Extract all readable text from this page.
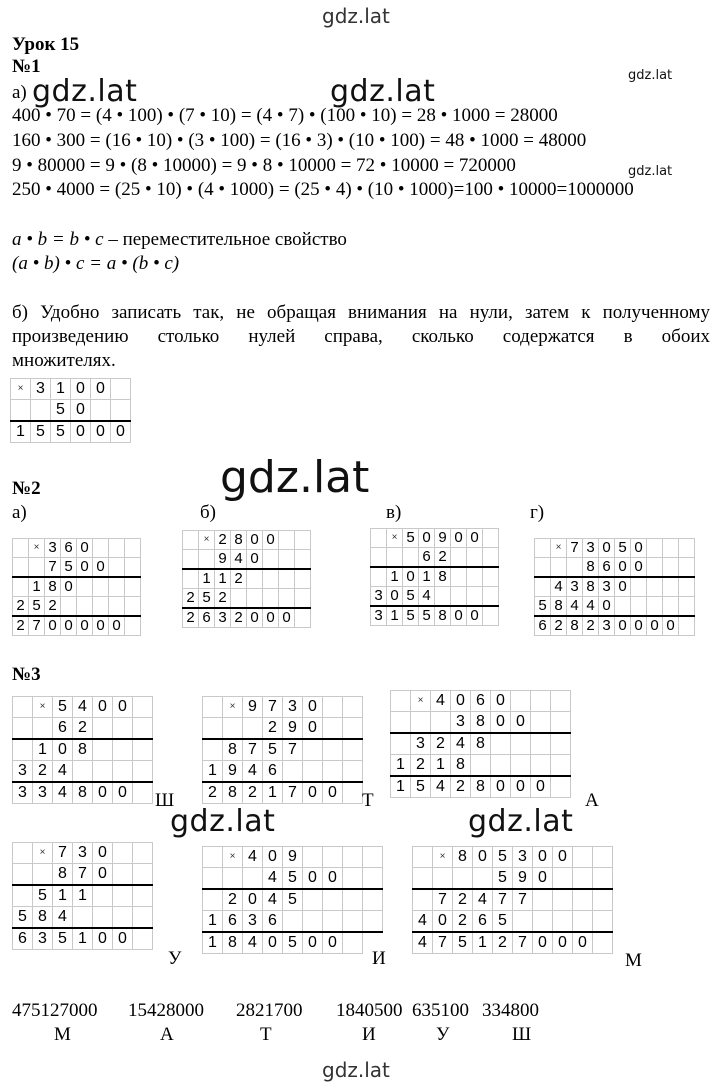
gdz.lat
gdz.lat	gdz.lat	gdz.lat
gdz.lat
gdz.lat
gdz.lat	gdz.lat
gdz.lat
Урок 15
№1
а)
400 • 70 = (4 • 100) • (7 • 10) = (4 • 7) • (100 • 10) = 28 • 1000 = 28000
160 • 300 = (16 • 10) • (3 • 100) = (16 • 3) • (10 • 100) = 48 • 1000 = 48000
9 • 80000 = 9 • (8 • 10000) = 9 • 8 • 10000 = 72 • 10000 = 720000
250 • 4000 = (25 • 10) • (4 • 1000) = (25 • 4) • (10 • 1000)=100 • 10000=1000000
a • b = b • c – переместительное свойство
(a • b) • c = a • (b • c)
б) Удобно записать так, не обращая внимания на нули, затем к полученному
произведению столько нулей справа, сколько содержатся в обоих
множителях.
×	3	1	0	0	
		5	0		
1	5	5	0	0	0
№2
а)	б)	в)	г)
	×	3	6	0			
		7	5	0	0		
	1	8	0				
2	5	2					
2	7	0	0	0	0	0	
	×	2	8	0	0		
		9	4	0			
	1	1	2				
2	5	2					
2	6	3	2	0	0	0	
	×	5	0	9	0	0	
			6	2			
	1	0	1	8			
3	0	5	4				
3	1	5	5	8	0	0	
	×	7	3	0	5	0			
			8	6	0	0			
	4	3	8	3	0				
5	8	4	4	0					
6	2	8	2	3	0	0	0	0	
№3
	×	5	4	0	0	
		6	2			
	1	0	8			
3	2	4				
3	3	4	8	0	0	Ш
	×	9	7	3	0		
			2	9	0		
	8	7	5	7			
1	9	4	6				
2	8	2	1	7	0	0	Т
	×	4	0	6	0			
			3	8	0	0		
	3	2	4	8				
1	2	1	8					
1	5	4	2	8	0	0	0	
А
	×	7	3	0		
		8	7	0		
	5	1	1			
5	8	4				
6	3	5	1	0	0	
У
	×	4	0	9				
			4	5	0	0		
	2	0	4	5				
1	6	3	6					
1	8	4	0	5	0	0		
И
	×	8	0	5	3	0	0		
				5	9	0			
	7	2	4	7	7				
4	0	2	6	5					
4	7	5	1	2	7	0	0	0	
М
475127000 15428000 2821700 1840500 635100 334800
М	А	Т	И	У	Ш
